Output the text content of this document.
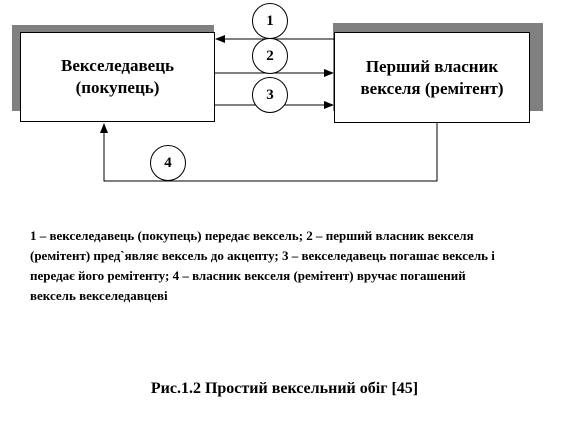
Векселедавець
(покупець)
Перший власник
векселя (ремітент)
1
2
3
4
1 – векселедавець (покупець) передає вексель; 2 – перший власник векселя (ремітент) пред`являє вексель до акцепту; 3 – векселедавець погашає вексель і передає його ремітенту; 4 – власник векселя (ремітент) вручає погашений вексель векселедавцеві
Рис.1.2 Простий вексельний обіг [45]
